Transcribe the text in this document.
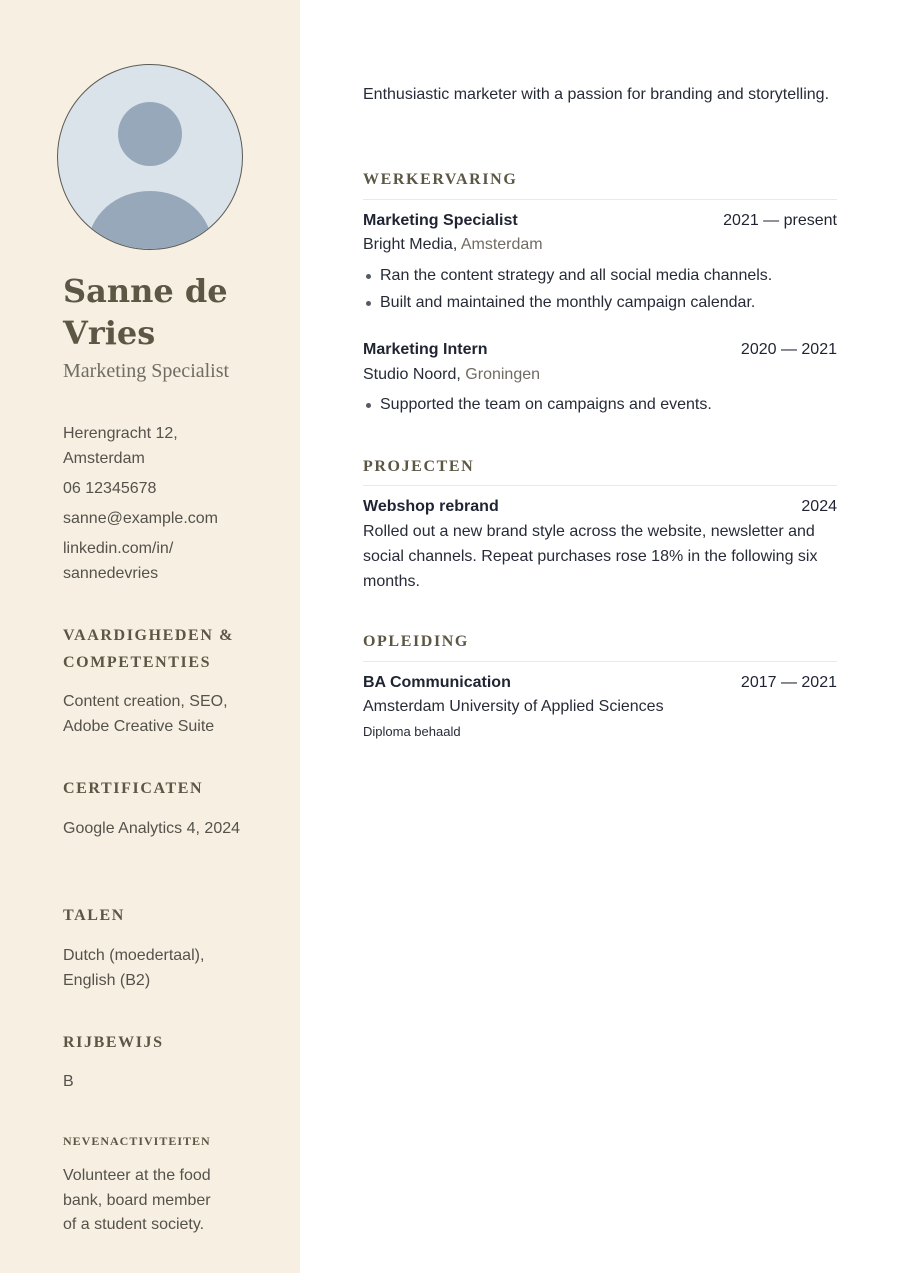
Sanne de Vries
Marketing Specialist
Herengracht 12, Amsterdam
06 12345678
sanne@example.com
linkedin.com/in/ sannedevries
VAARDIGHEDEN & COMPETENTIES
Content creation, SEO, Adobe Creative Suite
CERTIFICATEN
Google Analytics 4, 2024
TALEN
Dutch (moedertaal), English (B2)
RIJBEWIJS
B
NEVENACTIVITEITEN
Volunteer at the food bank, board member of a student society.
Enthusiastic marketer with a passion for branding and storytelling.
WERKERVARING
Marketing Specialist	2021 — present
Bright Media, Amsterdam
Ran the content strategy and all social media channels.
Built and maintained the monthly campaign calendar.
Marketing Intern	2020 — 2021
Studio Noord, Groningen
Supported the team on campaigns and events.
PROJECTEN
Webshop rebrand	2024
Rolled out a new brand style across the website, newsletter and social channels. Repeat purchases rose 18% in the following six months.
OPLEIDING
BA Communication	2017 — 2021
Amsterdam University of Applied Sciences
Diploma behaald
